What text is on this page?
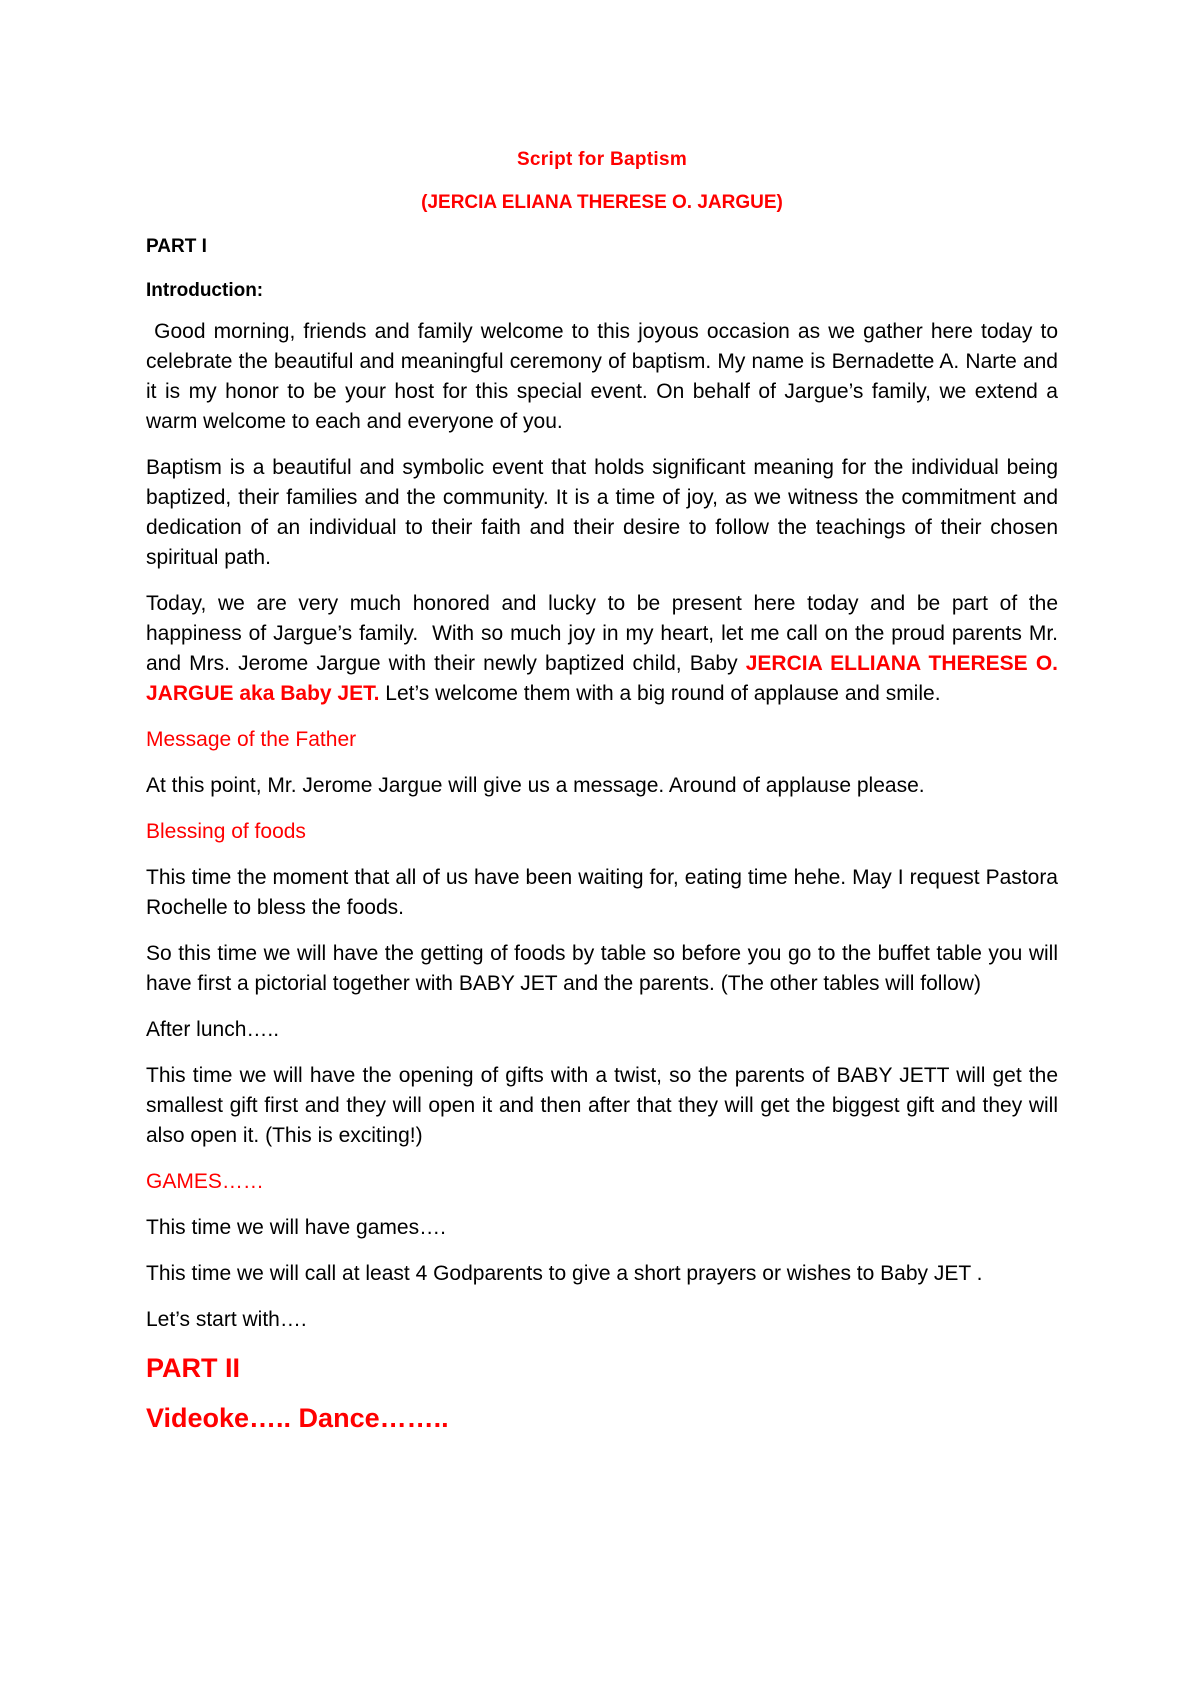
Script for Baptism
(JERCIA ELIANA THERESE O. JARGUE)
PART I
Introduction:

Good morning, friends and family welcome to this joyous occasion as we gather here today to celebrate the beautiful and meaningful ceremony of baptism. My name is Bernadette A. Narte and it is my honor to be your host for this special event. On behalf of Jargue’s family, we extend a warm welcome to each and everyone of you.

Baptism is a beautiful and symbolic event that holds significant meaning for the individual being baptized, their families and the community. It is a time of joy, as we witness the commitment and dedication of an individual to their faith and their desire to follow the teachings of their chosen spiritual path.

Today, we are very much honored and lucky to be present here today and be part of the happiness of Jargue’s family.  With so much joy in my heart, let me call on the proud parents Mr. and Mrs. Jerome Jargue with their newly baptized child, Baby JERCIA ELLIANA THERESE O. JARGUE aka Baby JET. Let’s welcome them with a big round of applause and smile.

Message of the Father

At this point, Mr. Jerome Jargue will give us a message. Around of applause please.

Blessing of foods

This time the moment that all of us have been waiting for, eating time hehe. May I request Pastora Rochelle to bless the foods.

So this time we will have the getting of foods by table so before you go to the buffet table you will have first a pictorial together with BABY JET and the parents. (The other tables will follow)

After lunch…..

This time we will have the opening of gifts with a twist, so the parents of BABY JETT will get the smallest gift first and they will open it and then after that they will get the biggest gift and they will also open it. (This is exciting!)

GAMES……

This time we will have games….

This time we will call at least 4 Godparents to give a short prayers or wishes to Baby JET .

Let’s start with….

PART II
Videoke….. Dance……..
